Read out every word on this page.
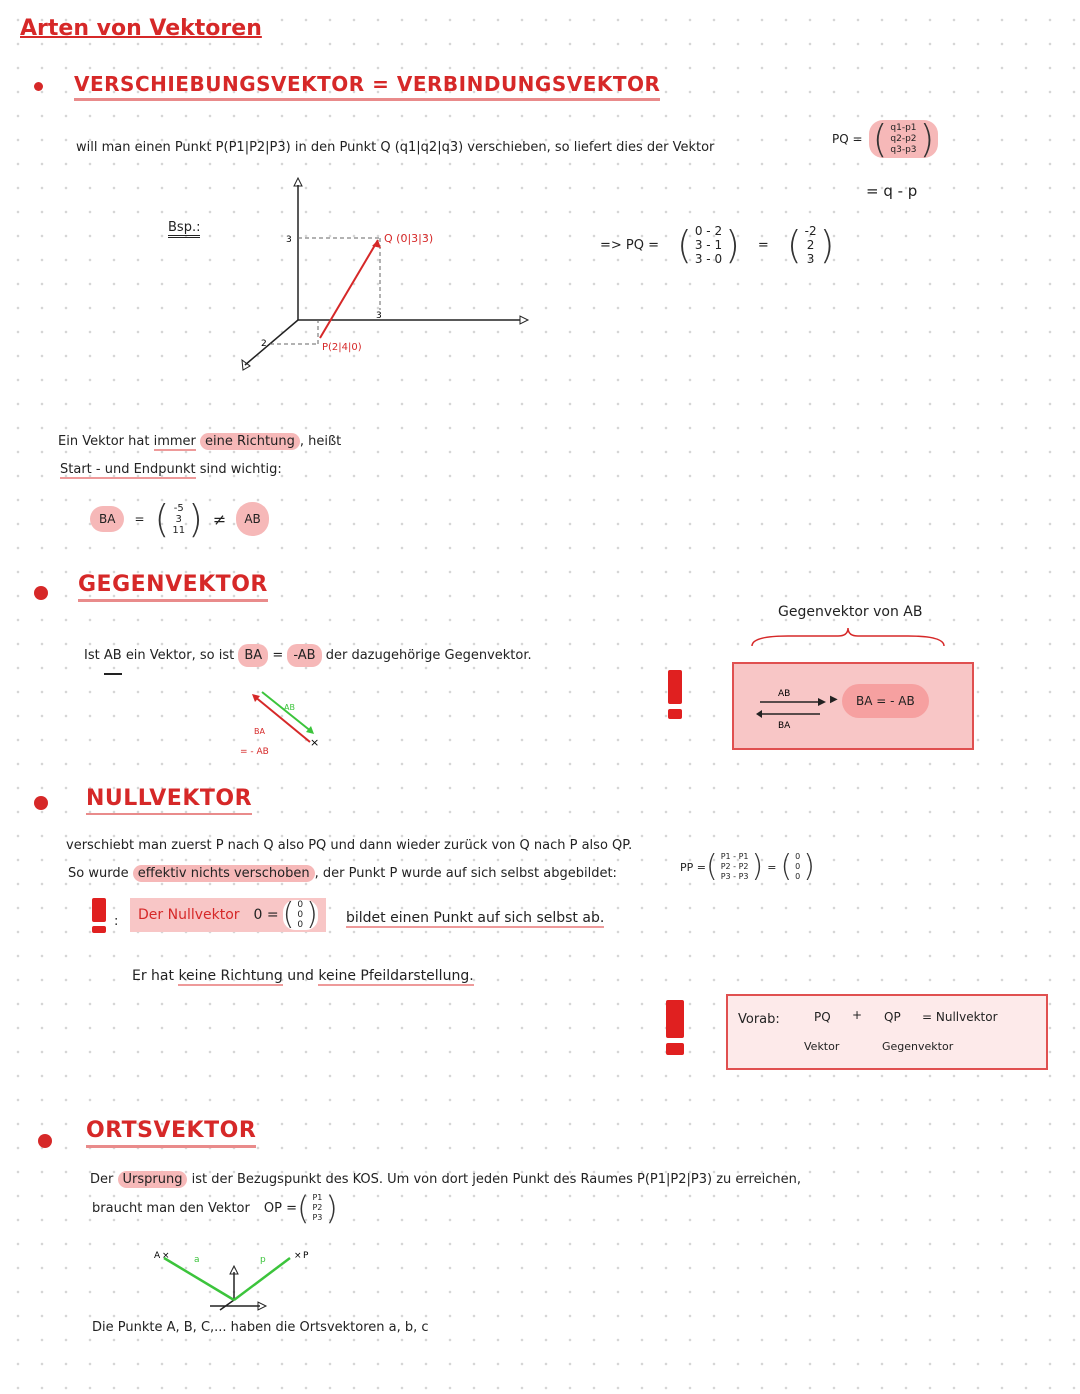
Arten von Vektoren
VERSCHIEBUNGSVEKTOR = VERBINDUNGSVEKTOR
will man einen Punkt P(P1|P2|P3) in den Punkt Q (q1|q2|q3) verschieben, so liefert dies der Vektor
PQ = ( q1-p1
q2-p2
q3-p3 )
= q - p
Bsp.:
Q (0|3|3)
P(2|4|0)
3
2
3
=> PQ = ( 0 - 2
3 - 1
3 - 0 ) = ( -2
2
3 )
Ein Vektor hat immer eine Richtung , heißt
Start - und Endpunkt sind wichtig:
BA	= ( -5
3
11 ) ≠	AB
GEGENVEKTOR
Ist AB ein Vektor, so ist BA = -AB der dazugehörige Gegenvektor.
×
AB
BA
= - AB
Gegenvektor von AB
AB
BA
▶	BA = - AB
NULLVEKTOR
verschiebt man zuerst P nach Q also PQ und dann wieder zurück von Q nach P also QP.
So wurde effektiv nichts verschoben , der Punkt P wurde auf sich selbst abgebildet:	PP = ( P1 - P1
P2 - P2
P3 - P3 ) = ( 0
0
0 )
: Der Nullvektor 0 = ( 0
0
0 ) bildet einen Punkt auf sich selbst ab.
Er hat keine Richtung und keine Pfeildarstellung.
Vorab:	PQ + QP = Nullvektor
Vektor	Gegenvektor
ORTSVEKTOR
Der Ursprung ist der Bezugspunkt des KOS. Um von dort jeden Punkt des Raumes P(P1|P2|P3) zu erreichen,
braucht man den Vektor OP = ( P1
P2
P3 )
A ×	× P
a	p
Die Punkte A, B, C,... haben die Ortsvektoren a, b, c
